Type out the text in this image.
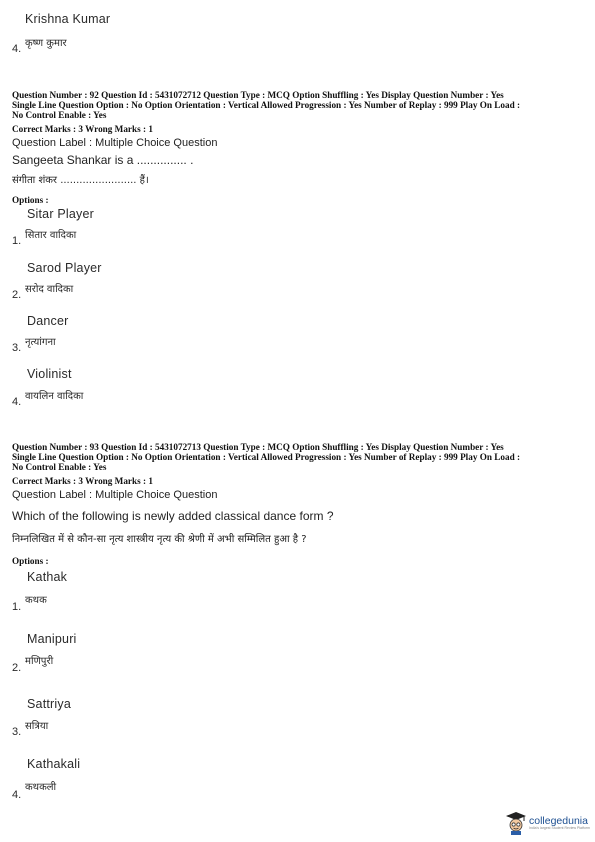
Krishna Kumar
4. कृष्ण कुमार
Question Number : 92 Question Id : 5431072712 Question Type : MCQ Option Shuffling : Yes Display Question Number : Yes
Single Line Question Option : No Option Orientation : Vertical Allowed Progression : Yes Number of Replay : 999 Play On Load :
No Control Enable : Yes
Correct Marks : 3 Wrong Marks : 1
Question Label : Multiple Choice Question
Sangeeta Shankar is a ............... .
संगीता शंकर ........................ हैं।
Options :
Sitar Player
1. सितार वादिका
Sarod Player
2. सरोद वादिका
Dancer
3. नृत्यांगना
Violinist
4. वायलिन वादिका
Question Number : 93 Question Id : 5431072713 Question Type : MCQ Option Shuffling : Yes Display Question Number : Yes
Single Line Question Option : No Option Orientation : Vertical Allowed Progression : Yes Number of Replay : 999 Play On Load :
No Control Enable : Yes
Correct Marks : 3 Wrong Marks : 1
Question Label : Multiple Choice Question
Which of the following is newly added classical dance form ?
निम्नलिखित में से कौन-सा नृत्य शास्त्रीय नृत्य की श्रेणी में अभी सम्मिलित हुआ है ?
Options :
Kathak
कथक
1.
Manipuri
मणिपुरी
2.
Sattriya
सत्रिया
3.
Kathakali
कथकली
4.
collegedunia
India's largest Student Review Platform
